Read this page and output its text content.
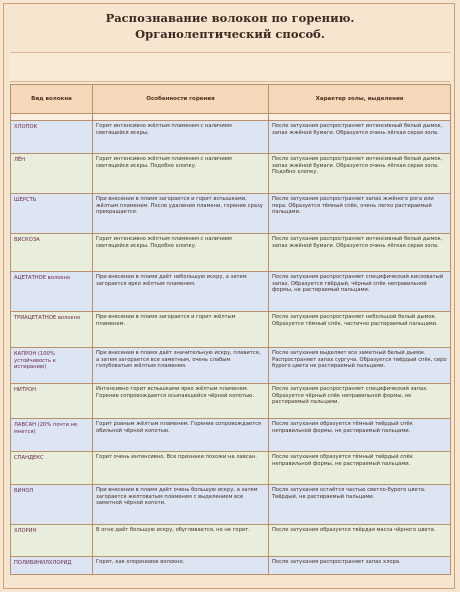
Распознавание волокон по горению.
Органолептический способ.
Вид волокна	Особенности горения	Характер золы, выделения

ХЛОПОК	Горит интенсивно жёлтым пламенем с наличием светящейся искры.	После затухания распространяет интенсивный белый дымок, запах жжёной бумаги. Образуется очень лёгкая серая зола.
ЛЁН	Горит интенсивно жёлтым пламенем с наличием светящейся искры. Подобно хлопку.	После затухания распространяет интенсивный белый дымок, запах жжёной бумаги. Образуется очень лёгкая серая зола. Подобно хлопку.
ШЕРСТЬ	При внесении в пламя загорается и горит вспышками, жёлтым пламенем. После удаления пламени, горение сразу прекращается.	После затухания распространяет запах жжёного рога или пера. Образуется тёмный спёк, очень легко растираемый пальцами.
ВИСКОЗА	Горит интенсивно жёлтым пламенем с наличием светящейся искры. Подобно хлопку.	После затухания распространяет интенсивный белый дымок, запах жжёной бумаги. Образуется очень лёгкая серая зола.
АЦЕТАТНОЕ волокно	При внесении в пламя даёт небольшую искру, а затем загорается ярко жёлтым пламенем.	После затухания распространяет специфический кисловатый запах. Образуется твёрдый, чёрный спёк неправильной формы, не растираемый пальцами.
ТРИАЦЕТАТНОЕ волокно	При внесении в пламя загорается и горит жёлтым пламенем.	После затухания распространяет небольшой белый дымок. Образуется тёмный спёк, частично растираемый пальцами.
КАПРОН (100% устойчивость к истиранию)	При внесении в пламя даёт значительную искру, плавится, а затем загорается все заметным, очень слабым голубоватым жёлтым пламенем.	После затухания выделяет все заметный белый дымок. Распространяет запах сургуча. Образуется твёрдый спёк, серо бурого цвета не растираемый пальцами.
НИТРОН	Интенсивно горит вспышками ярко жёлтым пламенем. Горение сопровождается осыпающейся чёрной копотью.	После затухания распространяет специфический запах. Образуется чёрный спёк неправильной формы, не растираемый пальцами.
ЛАВСАН (20% почти не мнется)	Горит ровным жёлтым пламенем. Горение сопровождается обильной чёрной копотью.	После затухания образуется тёмный твёрдый спёк неправильной формы, не растираемый пальцами.
СПАНДЕКС	Горит очень интенсивно. Все признаки похожи на лавсан.	После затухания образуется тёмный твёрдый спёк неправильной формы, не растираемый пальцами.
ВИНОЛ	При внесении в пламя даёт очень большую искру, а затем загорается желтоватым пламенем с выделением все заметной чёрной копоти.	После затухания остаётся частью светло-бурого цвета. Твёрдый, не растираемый пальцами.
ХЛОРИН	В огне даёт большую искру, обугливается, но не горит.	После затухания образуется твёрдая масса чёрного цвета.
ПОЛИВИНИЛХЛОРИД	Горит, как хлориновое волокно.	После затухания распространяет запах хлора.
